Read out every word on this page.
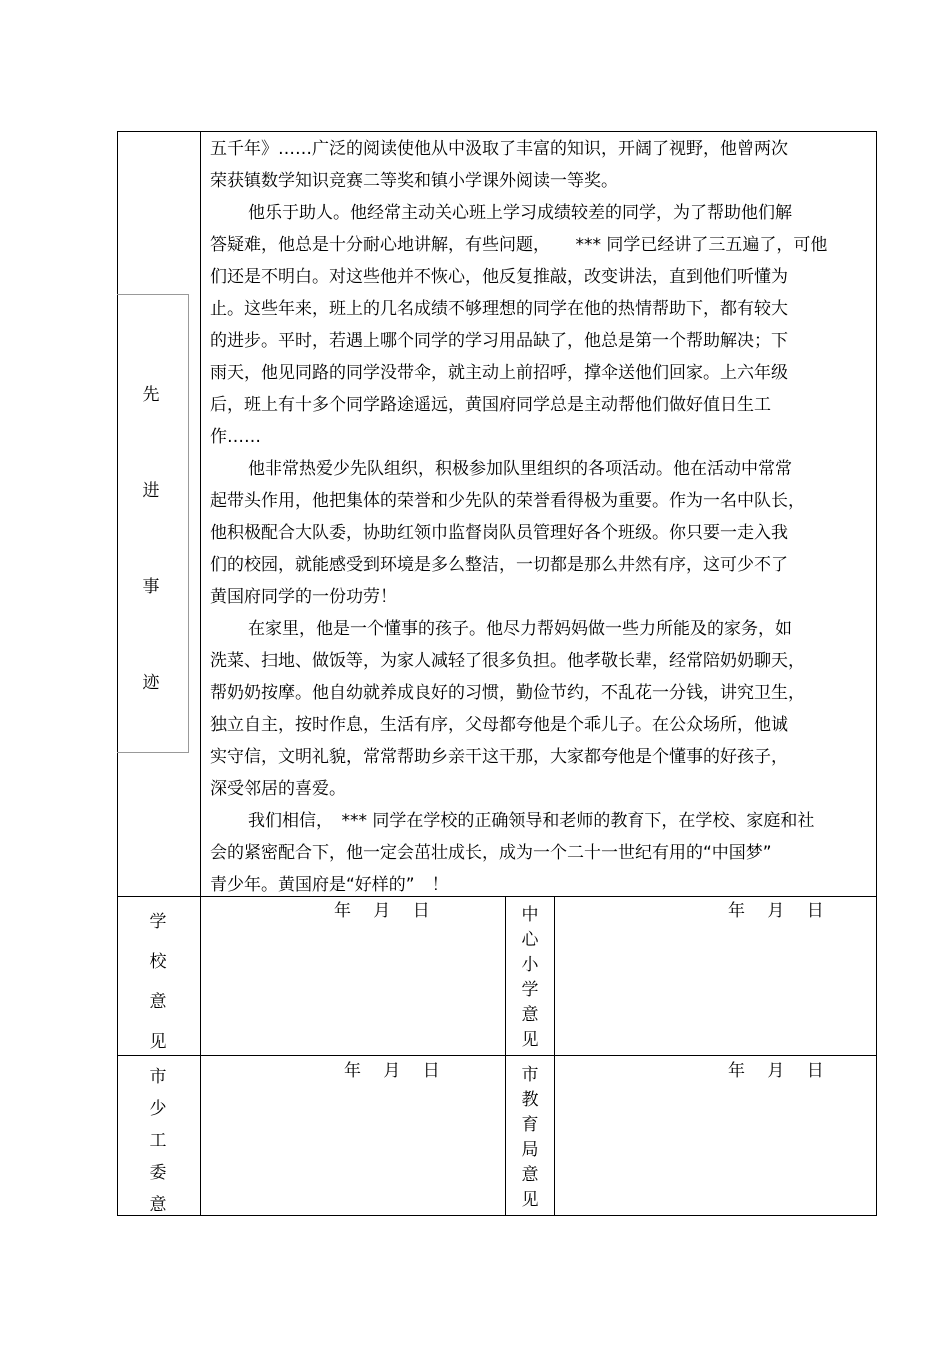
先
进
事
迹
五千年》……广泛的阅读使他从中汲取了丰富的知识，开阔了视野，他曾两次
荣获镇数学知识竞赛二等奖和镇小学课外阅读一等奖。
他乐于助人。他经常主动关心班上学习成绩较差的同学，为了帮助他们解
答疑难，他总是十分耐心地讲解，有些问题，　　*** 同学已经讲了三五遍了，可他
们还是不明白。对这些他并不恢心，他反复推敲，改变讲法，直到他们听懂为
止。这些年来，班上的几名成绩不够理想的同学在他的热情帮助下，都有较大
的进步。平时，若遇上哪个同学的学习用品缺了，他总是第一个帮助解决；下
雨天，他见同路的同学没带伞，就主动上前招呼，撑伞送他们回家。上六年级
后，班上有十多个同学路途遥远，黄国府同学总是主动帮他们做好值日生工
作……
他非常热爱少先队组织，积极参加队里组织的各项活动。他在活动中常常
起带头作用，他把集体的荣誉和少先队的荣誉看得极为重要。作为一名中队长，
他积极配合大队委，协助红领巾监督岗队员管理好各个班级。你只要一走入我
们的校园，就能感受到环境是多么整洁，一切都是那么井然有序，这可少不了
黄国府同学的一份功劳！
在家里，他是一个懂事的孩子。他尽力帮妈妈做一些力所能及的家务，如
洗菜、扫地、做饭等，为家人减轻了很多负担。他孝敬长辈，经常陪奶奶聊天，
帮奶奶按摩。他自幼就养成良好的习惯，勤俭节约，不乱花一分钱，讲究卫生，
独立自主，按时作息，生活有序，父母都夸他是个乖儿子。在公众场所，他诚
实守信，文明礼貌，常常帮助乡亲干这干那，大家都夸他是个懂事的好孩子，
深受邻居的喜爱。
我们相信，　*** 同学在学校的正确领导和老师的教育下，在学校、家庭和社
会的紧密配合下，他一定会茁壮成长，成为一个二十一世纪有用的“中国梦”
青少年。黄国府是“好样的”　！
学
校
意
见
年　 月 　日	中
心
小
学
意
见
年 　月　 日
市
少
工
委
意
年　 月　 日	市
教
育
局
意
见
年 　月　 日
